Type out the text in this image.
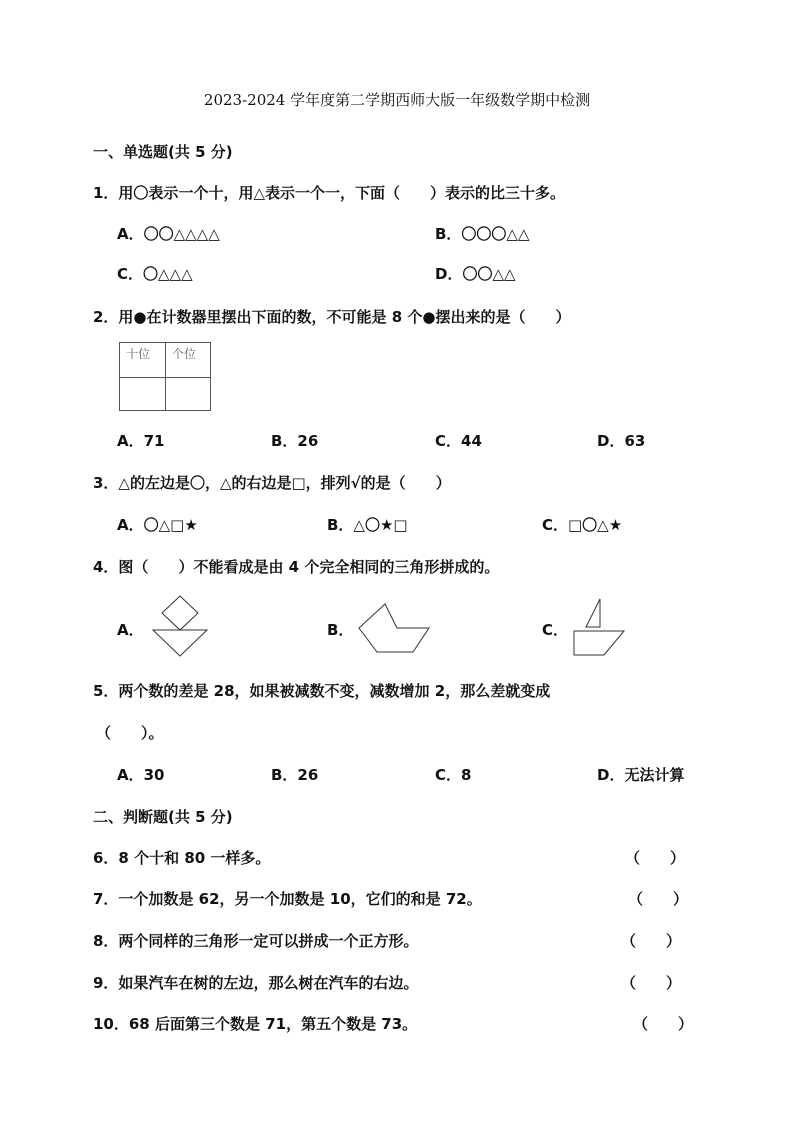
2023-2024 学年度第二学期西师大版一年级数学期中检测
一、单选题(共 5 分)
1．用〇表示一个十，用△表示一个一，下面（　　）表示的比三十多。
A．〇〇△△△△	B．〇〇〇△△
C．〇△△△	D．〇〇△△
2．用●在计数器里摆出下面的数，不可能是 8 个●摆出来的是（　　）
十位 个位
A．71	B．26	C．44	D．63
3．△的左边是〇，△的右边是□，排列√的是（　　）
A．〇△□★	B．△〇★□	C．□〇△★
4．图（　　）不能看成是由 4 个完全相同的三角形拼成的。
A．	B．	C．
5．两个数的差是 28，如果被减数不变，减数增加 2，那么差就变成
（　　）。
A．30	B．26	C．8	D．无法计算
二、判断题(共 5 分)
6．8 个十和 80 一样多。	（　　）
7．一个加数是 62，另一个加数是 10，它们的和是 72。	（　　）
8．两个同样的三角形一定可以拼成一个正方形。	（　　）
9．如果汽车在树的左边，那么树在汽车的右边。	（　　）
10．68 后面第三个数是 71，第五个数是 73。	（　　）
